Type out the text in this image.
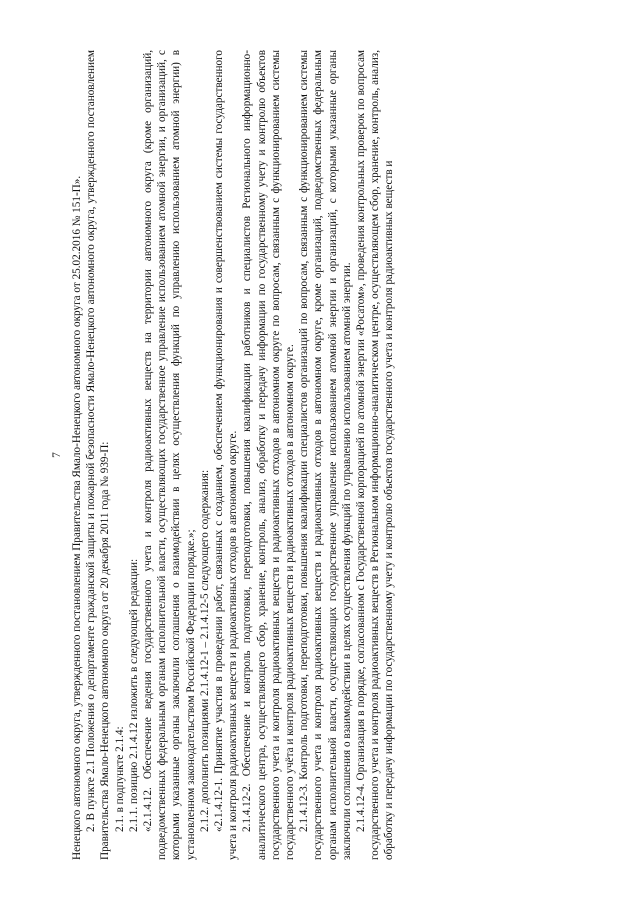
7 Ненецкого автономного округа, утвержденного постановлением Правительства Ямало-Ненецкого автономного округа от 25.02.2016 № 151-П». 2. В пункте 2.1 Положения о департаменте гражданской защиты и пожарной безопасности Ямало-Ненецкого автономного округа, утвержденного постановлением Правительства Ямало-Ненецкого автономного округа от 20 декабря 2011 года № 939-П: 2.1. в подпункте 2.1.4: 2.1.1. позицию 2.1.4.12 изложить в следующей редакции: «2.1.4.12. Обеспечение ведения государственного учета и контроля радиоактивных веществ на территории автономного округа (кроме организаций, подведомственных федеральным органам исполнительной власти, осуществляющих государственное управление использованием атомной энергии, и организаций, с которыми указанные органы заключили соглашения о взаимодействии в целях осуществления функций по управлению использованием атомной энергии) в установленном законодательством Российской Федерации порядке.»; 2.1.2. дополнить позициями 2.1.4.12-1 – 2.1.4.12-5 следующего содержания: «2.1.4.12-1. Принятие участия в проведении работ, связанных с созданием, обеспечением функционирования и совершенствованием системы государственного учета и контроля радиоактивных веществ и радиоактивных отходов в автономном округе. 2.1.4.12-2. Обеспечение и контроль подготовки, переподготовки, повышения квалификации работников и специалистов Регионального информационно-аналитического центра, осуществляющего сбор, хранение, контроль, анализ, обработку и передачу информации по государственному учету и контролю объектов государственного учета и контроля радиоактивных веществ и радиоактивных отходов в автономном округе по вопросам, связанным с функционированием системы государственного учёта и контроля радиоактивных веществ и радиоактивных отходов в автономном округе. 2.1.4.12-3. Контроль подготовки, переподготовки, повышения квалификации специалистов организаций по вопросам, связанным с функционированием системы государственного учета и контроля радиоактивных веществ и радиоактивных отходов в автономном округе, кроме организаций, подведомственных федеральным органам исполнительной власти, осуществляющих государственное управление использованием атомной энергии и организаций, с которыми указанные органы заключили соглашения о взаимодействии в целях осуществления функций по управлению использованием атомной энергии. 2.1.4.12-4. Организация в порядке, согласованном с Государственной корпорацией по атомной энергии «Росатом», проведения контрольных проверок по вопросам государственного учета и контроля радиоактивных веществ в Региональном информационно-аналитическом центре, осуществляющем сбор, хранение, контроль, анализ, обработку и передачу информации по государственному учету и контролю объектов государственного учета и контроля радиоактивных веществ и
